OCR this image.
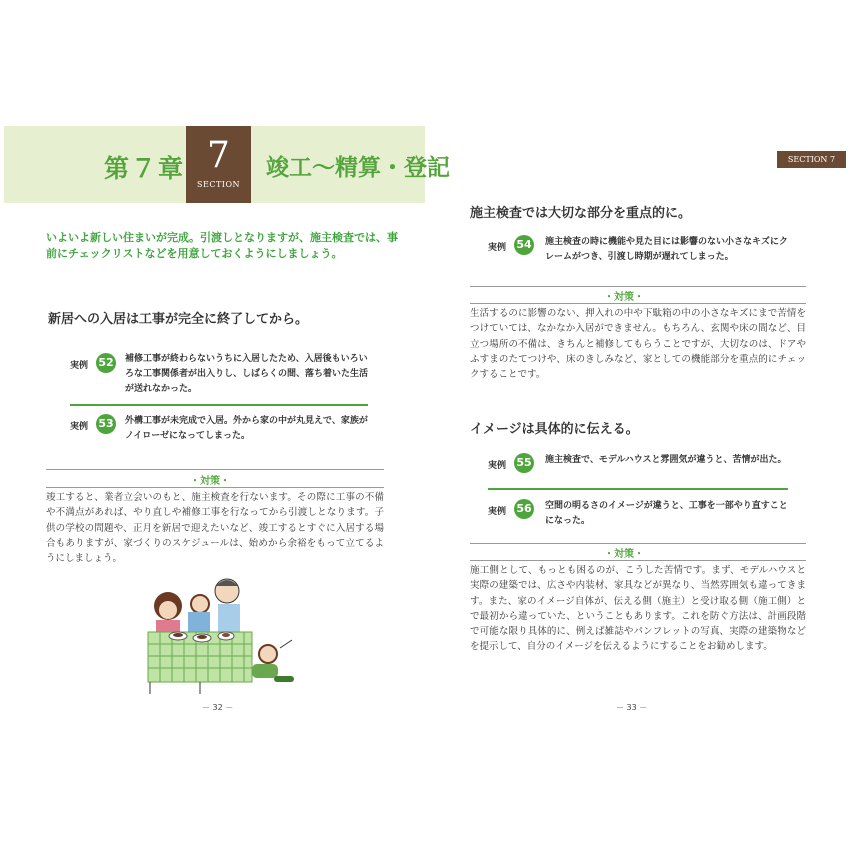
第７章 7
SECTION
竣工〜精算・登記
いよいよ新しい住まいが完成。引渡しとなりますが、施主検査では、事前にチェックリストなどを用意しておくようにしましょう。
新居への入居は工事が完全に終了してから。
実例 52 補修工事が終わらないうちに入居したため、入居後もいろいろな工事関係者が出入りし、しばらくの間、落ち着いた生活が送れなかった。
実例 53 外構工事が未完成で入居。外から家の中が丸見えで、家族がノイローゼになってしまった。
・対策・
竣工すると、業者立会いのもと、施主検査を行ないます。その際に工事の不備や不満点があれば、やり直しや補修工事を行なってから引渡しとなります。子供の学校の問題や、正月を新居で迎えたいなど、竣工するとすぐに入居する場合もありますが、家づくりのスケジュールは、始めから余裕をもって立てるようにしましょう。
－ 32 －
SECTION 7
施主検査では大切な部分を重点的に。
実例 54 施主検査の時に機能や見た目には影響のない小さなキズにクレームがつき、引渡し時期が遅れてしまった。
・対策・
生活するのに影響のない、押入れの中や下駄箱の中の小さなキズにまで苦情をつけていては、なかなか入居ができません。もちろん、玄関や床の間など、目立つ場所の不備は、きちんと補修してもらうことですが、大切なのは、ドアやふすまのたてつけや、床のきしみなど、家としての機能部分を重点的にチェックすることです。
イメージは具体的に伝える。
実例 55 施主検査で、モデルハウスと雰囲気が違うと、苦情が出た。
実例 56 空間の明るさのイメージが違うと、工事を一部やり直すことになった。
・対策・
施工側として、もっとも困るのが、こうした苦情です。まず、モデルハウスと実際の建築では、広さや内装材、家具などが異なり、当然雰囲気も違ってきます。また、家のイメージ自体が、伝える側（施主）と受け取る側（施工側）とで最初から違っていた、ということもあります。これを防ぐ方法は、計画段階で可能な限り具体的に、例えば雑誌やパンフレットの写真、実際の建築物などを提示して、自分のイメージを伝えるようにすることをお勧めします。
－ 33 －
